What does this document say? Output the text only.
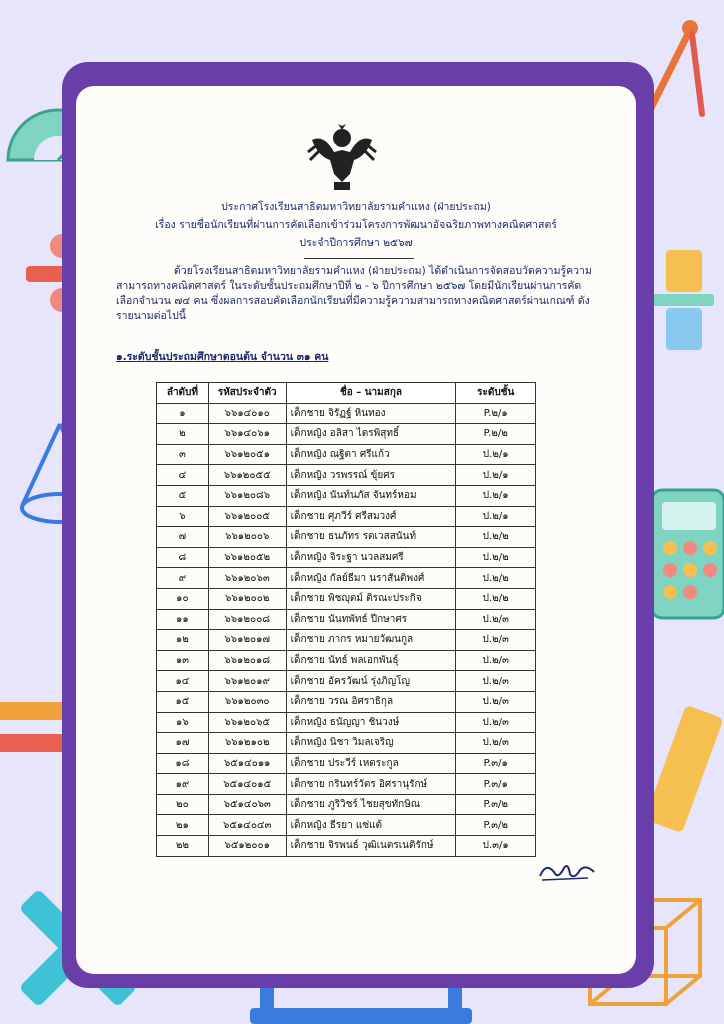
ประกาศโรงเรียนสาธิตมหาวิทยาลัยรามคำแหง (ฝ่ายประถม)
เรื่อง รายชื่อนักเรียนที่ผ่านการคัดเลือกเข้าร่วมโครงการพัฒนาอัจฉริยภาพทางคณิตศาสตร์
ประจำปีการศึกษา ๒๕๖๗
ด้วยโรงเรียนสาธิตมหาวิทยาลัยรามคำแหง (ฝ่ายประถม) ได้ดำเนินการจัดสอบวัดความรู้ความสามารถทางคณิตศาสตร์ ในระดับชั้นประถมศึกษาปีที่ ๒ - ๖ ปีการศึกษา ๒๕๖๗ โดยมีนักเรียนผ่านการคัดเลือกจำนวน ๗๔ คน ซึ่งผลการสอบคัดเลือกนักเรียนที่มีความรู้ความสามารถทางคณิตศาสตร์ผ่านเกณฑ์ ดังรายนามต่อไปนี้
๑.ระดับชั้นประถมศึกษาตอนต้น จำนวน ๓๑ คน
ลำดับที่	รหัสประจำตัว	ชื่อ – นามสกุล	ระดับชั้น
๑	๖๖๑๔๐๑๐	เด็กชาย จิรัฏฐ์ หินทอง	P.๒/๑
๒	๖๖๑๔๐๖๑	เด็กหญิง อลิสา ไตรพิสุทธิ์	P.๒/๒
๓	๖๖๑๒๐๕๑	เด็กหญิง ณฐิตา ศรีแก้ว	ป.๒/๑
๔	๖๖๑๒๐๕๕	เด็กหญิง วรพรรณ์ ขุ้ยศร	ป.๒/๑
๕	๖๖๑๒๐๘๖	เด็กหญิง นันท์นภัส จันทร์หอม	ป.๒/๑
๖	๖๖๑๒๐๐๕	เด็กชาย ศุภวีร์ ศรีสมวงศ์	ป.๒/๑
๗	๖๖๑๒๐๐๖	เด็กชาย ธนภัทร รตเวสสนันท์	ป.๒/๒
๘	๖๖๑๒๐๕๒	เด็กหญิง จิระฐา นวลสมศรี	ป.๒/๒
๙	๖๖๑๒๐๖๓	เด็กหญิง กัลย์ธีมา นราสันติพงศ์	ป.๒/๒
๑๐	๖๖๑๒๐๐๒	เด็กชาย พิชญุตม์ ติรณะประกิจ	ป.๒/๒
๑๑	๖๖๑๒๐๐๘	เด็กชาย นันทพัทธ์ ปีกษาศร	ป.๒/๓
๑๒	๖๖๑๒๐๑๗	เด็กชาย ภากร หมายวัฒนกูล	ป.๒/๓
๑๓	๖๖๑๒๐๑๘	เด็กชาย นัทธ์ พลเอกพันธุ์	ป.๒/๓
๑๔	๖๖๑๒๐๑๙	เด็กชาย อัครวัฒน์ รุ่งภิญโญ	ป.๒/๓
๑๕	๖๖๑๒๐๓๐	เด็กชาย วรณ อิศราธิกุล	ป.๒/๓
๑๖	๖๖๑๒๐๖๕	เด็กหญิง ธนัญญา ชินวงษ์	ป.๒/๓
๑๗	๖๖๑๒๑๐๒	เด็กหญิง นิชา วิมลเจริญ	ป.๒/๓
๑๘	๖๕๑๔๐๑๑	เด็กชาย ประวีร์ เหตระกูล	P.๓/๑
๑๙	๖๕๑๔๐๑๕	เด็กชาย กรินทร์วัตร อิศรานุรักษ์	P.๓/๑
๒๐	๖๕๑๔๐๖๓	เด็กชาย ภูริวิชร์ ไชยสุขทักษิณ	P.๓/๒
๒๑	๖๕๑๔๐๔๓	เด็กหญิง ธีรยา แซ่แต้	P.๓/๒
๒๒	๖๕๑๒๐๐๑	เด็กชาย จิรพนธ์ วุฒิเนตรเนติรักษ์	ป.๓/๑
